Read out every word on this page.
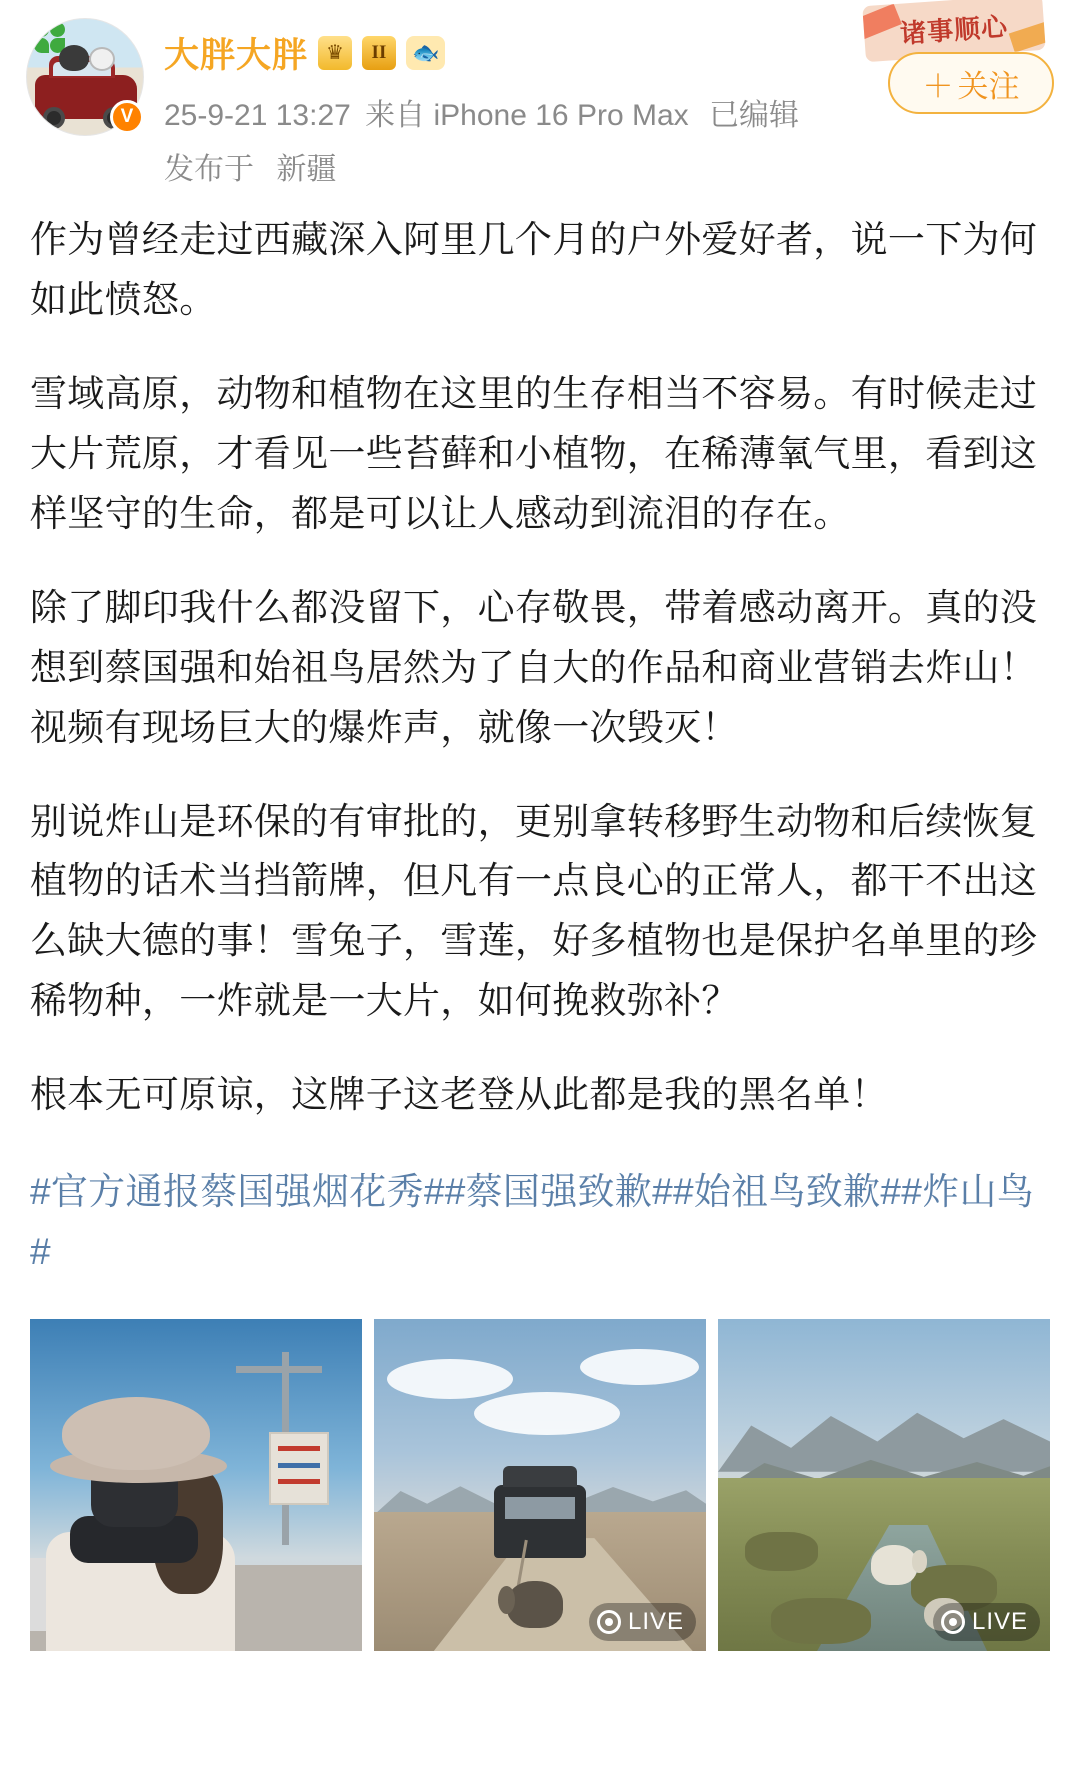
V
大胖大胖 ♛	II	🐟
25-9-21 13:27 来自 iPhone 16 Pro Max 已编辑
发布于 新疆
诸事顺心
＋ 关注

作为曾经走过西藏深入阿里几个月的户外爱好者，说一下为何如此愤怒。

雪域高原，动物和植物在这里的生存相当不容易。有时候走过大片荒原，才看见一些苔藓和小植物，在稀薄氧气里，看到这样坚守的生命，都是可以让人感动到流泪的存在。

除了脚印我什么都没留下，心存敬畏，带着感动离开。真的没想到蔡国强和始祖鸟居然为了自大的作品和商业营销去炸山！视频有现场巨大的爆炸声，就像一次毁灭！

别说炸山是环保的有审批的，更别拿转移野生动物和后续恢复植物的话术当挡箭牌，但凡有一点良心的正常人，都干不出这么缺大德的事！雪兔子，雪莲，好多植物也是保护名单里的珍稀物种，一炸就是一大片，如何挽救弥补？

根本无可原谅，这牌子这老登从此都是我的黑名单！

#官方通报蔡国强烟花秀##蔡国强致歉##始祖鸟致歉##炸山鸟#

LIVE	LIVE
